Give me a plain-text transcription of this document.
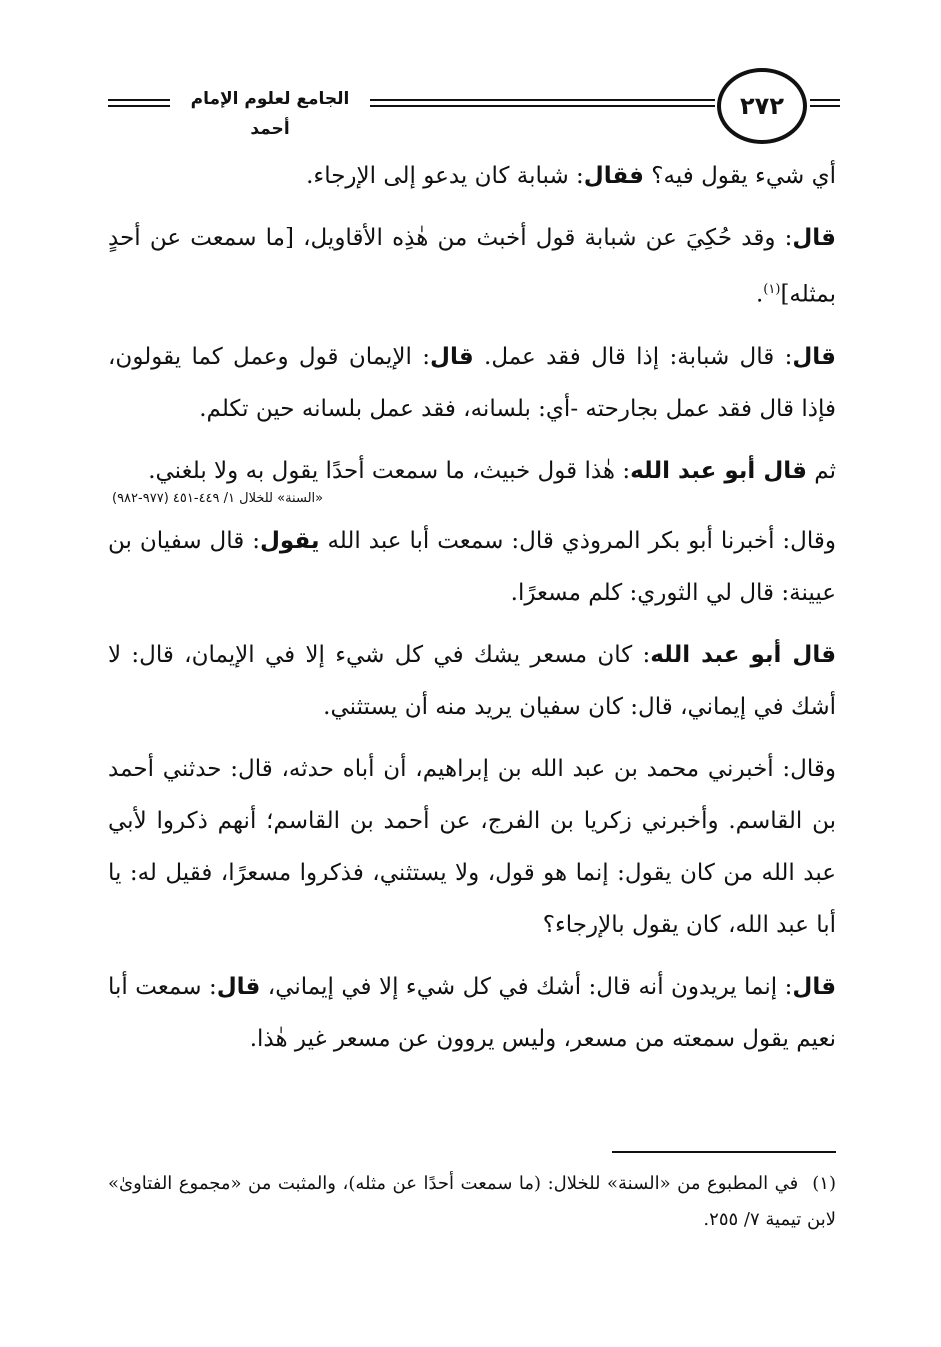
الجامع لعلوم الإمام أحمد
٢٧٢

أي شيء يقول فيه؟ فقال: شبابة كان يدعو إلى الإرجاء.

قال: وقد حُكِيَ عن شبابة قول أخبث من هٰذِه الأقاويل، [ما سمعت عن أحدٍ بمثله]$^{(١)}$.

قال: قال شبابة: إذا قال فقد عمل. قال: الإيمان قول وعمل كما يقولون، فإذا قال فقد عمل بجارحته -أي: بلسانه، فقد عمل بلسانه حين تكلم.

ثم قال أبو عبد الله: هٰذا قول خبيث، ما سمعت أحدًا يقول به ولا بلغني.

«السنة» للخلال ١/ ٤٤٩-٤٥١ (٩٧٧-٩٨٢)

وقال: أخبرنا أبو بكر المروذي قال: سمعت أبا عبد الله يقول: قال سفيان بن عيينة: قال لي الثوري: كلم مسعرًا.

قال أبو عبد الله: كان مسعر يشك في كل شيء إلا في الإيمان، قال: لا أشك في إيماني، قال: كان سفيان يريد منه أن يستثني.

وقال: أخبرني محمد بن عبد الله بن إبراهيم، أن أباه حدثه، قال: حدثني أحمد بن القاسم. وأخبرني زكريا بن الفرج، عن أحمد بن القاسم؛ أنهم ذكروا لأبي عبد الله من كان يقول: إنما هو قول، ولا يستثني، فذكروا مسعرًا، فقيل له: يا أبا عبد الله، كان يقول بالإرجاء؟

قال: إنما يريدون أنه قال: أشك في كل شيء إلا في إيماني، قال: سمعت أبا نعيم يقول سمعته من مسعر، وليس يروون عن مسعر غير هٰذا.

(١)في المطبوع من «السنة» للخلال: (ما سمعت أحدًا عن مثله)، والمثبت من «مجموع الفتاوىٰ» لابن تيمية ٧/ ٢٥٥.
